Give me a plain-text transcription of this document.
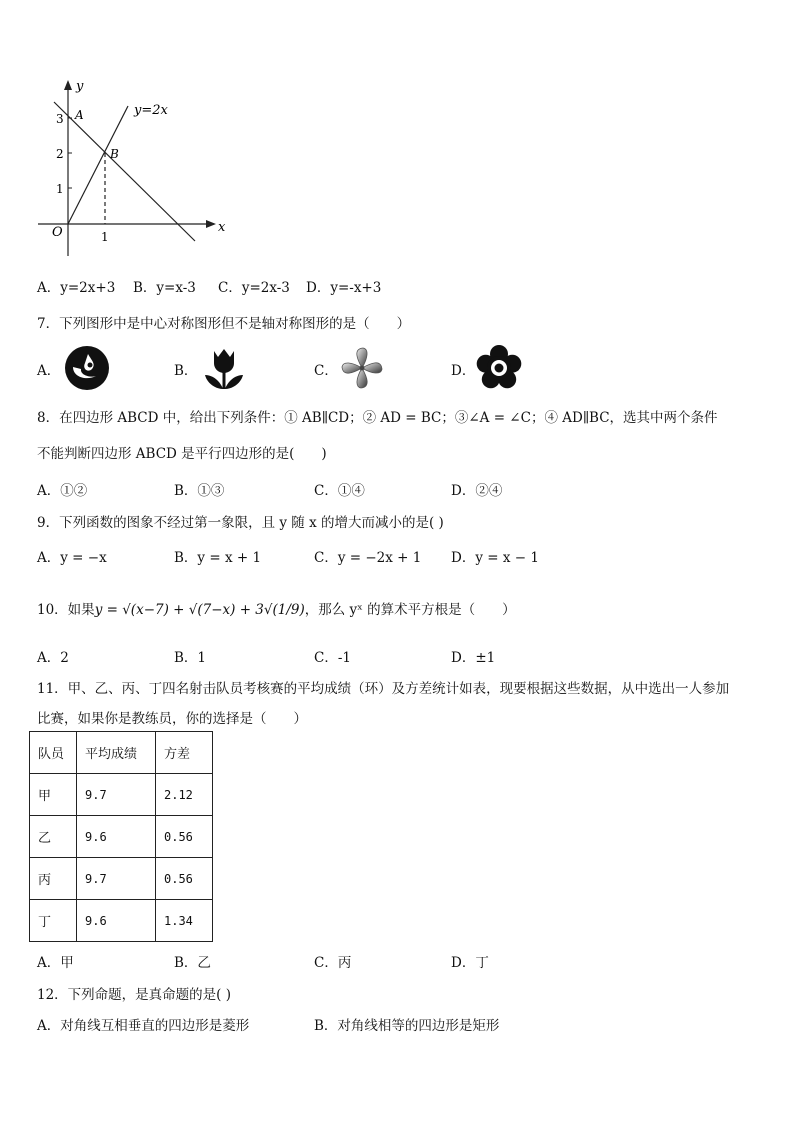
y
x
O
y=2x
A
B
3
2
1
1
A．y=2x+3 B．y=x-3 C．y=2x-3 D．y=-x+3
7．下列图形中是中心对称图形但不是轴对称图形的是（　　）
A．	B．	C．	D．
8．在四边形 ABCD 中，给出下列条件：① AB∥CD；② AD = BC；③∠A = ∠C；④ AD∥BC，选其中两个条件
不能判断四边形 ABCD 是平行四边形的是(　　)
A．①②	B．①③	C．①④	D．②④
9．下列函数的图象不经过第一象限，且 y 随 x 的增大而减小的是( )
A．y = −x	B．y = x + 1	C．y = −2x + 1 D．y = x − 1
10．如果y = √(x−7) + √(7−x) + 3√(1/9)，那么 yˣ 的算术平方根是（　　）
A．2	B．1	C．-1	D．±1
11．甲、乙、丙、丁四名射击队员考核赛的平均成绩（环）及方差统计如表，现要根据这些数据，从中选出一人参加
比赛，如果你是教练员，你的选择是（　　）
队员	平均成绩	方差
甲	9.7	2.12
乙	9.6	0.56
丙	9.7	0.56
丁	9.6	1.34
A．甲	B．乙	C．丙	D．丁
12．下列命题，是真命题的是( )
A．对角线互相垂直的四边形是菱形	B．对角线相等的四边形是矩形
